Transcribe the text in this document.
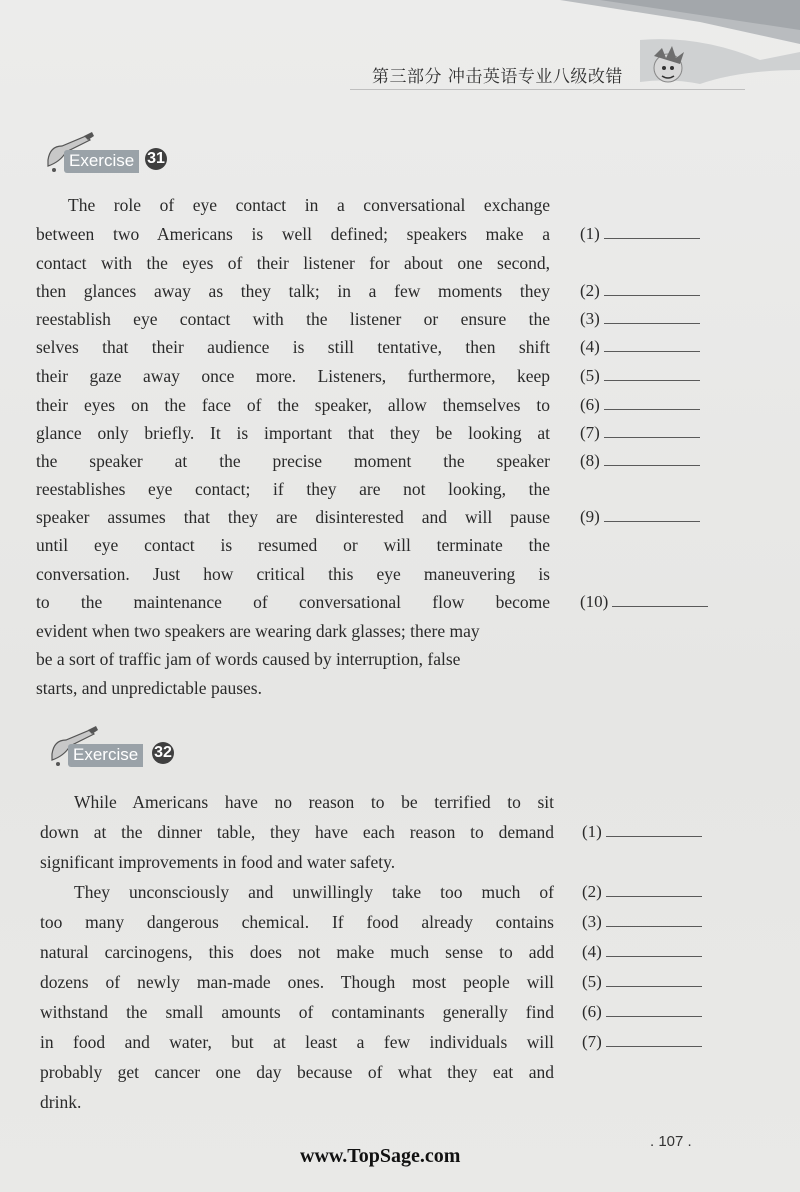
第三部分 冲击英语专业八级改错
Exercise 31
The role of eye contact in a conversational exchange
between two Americans is well defined; speakers make a
contact with the eyes of their listener for about one second,
then glances away as they talk; in a few moments they
reestablish eye contact with the listener or ensure the
selves that their audience is still tentative, then shift
their gaze away once more. Listeners, furthermore, keep
their eyes on the face of the speaker, allow themselves to
glance only briefly. It is important that they be looking at
the speaker at the precise moment the speaker
reestablishes eye contact; if they are not looking, the
speaker assumes that they are disinterested and will pause
until eye contact is resumed or will terminate the
conversation. Just how critical this eye maneuvering is
to the maintenance of conversational flow become
evident when two speakers are wearing dark glasses; there may
be a sort of traffic jam of words caused by interruption, false
starts, and unpredictable pauses.
(1)
(2)
(3)
(4)
(5)
(6)
(7)
(8)
(9)
(10)
Exercise 32
While Americans have no reason to be terrified to sit
down at the dinner table, they have each reason to demand
significant improvements in food and water safety.
They unconsciously and unwillingly take too much of
too many dangerous chemical. If food already contains
natural carcinogens, this does not make much sense to add
dozens of newly man-made ones. Though most people will
withstand the small amounts of contaminants generally find
in food and water, but at least a few individuals will
probably get cancer one day because of what they eat and
drink.
(1)
(2)
(3)
(4)
(5)
(6)
(7)
. 107 .
www.TopSage.com
